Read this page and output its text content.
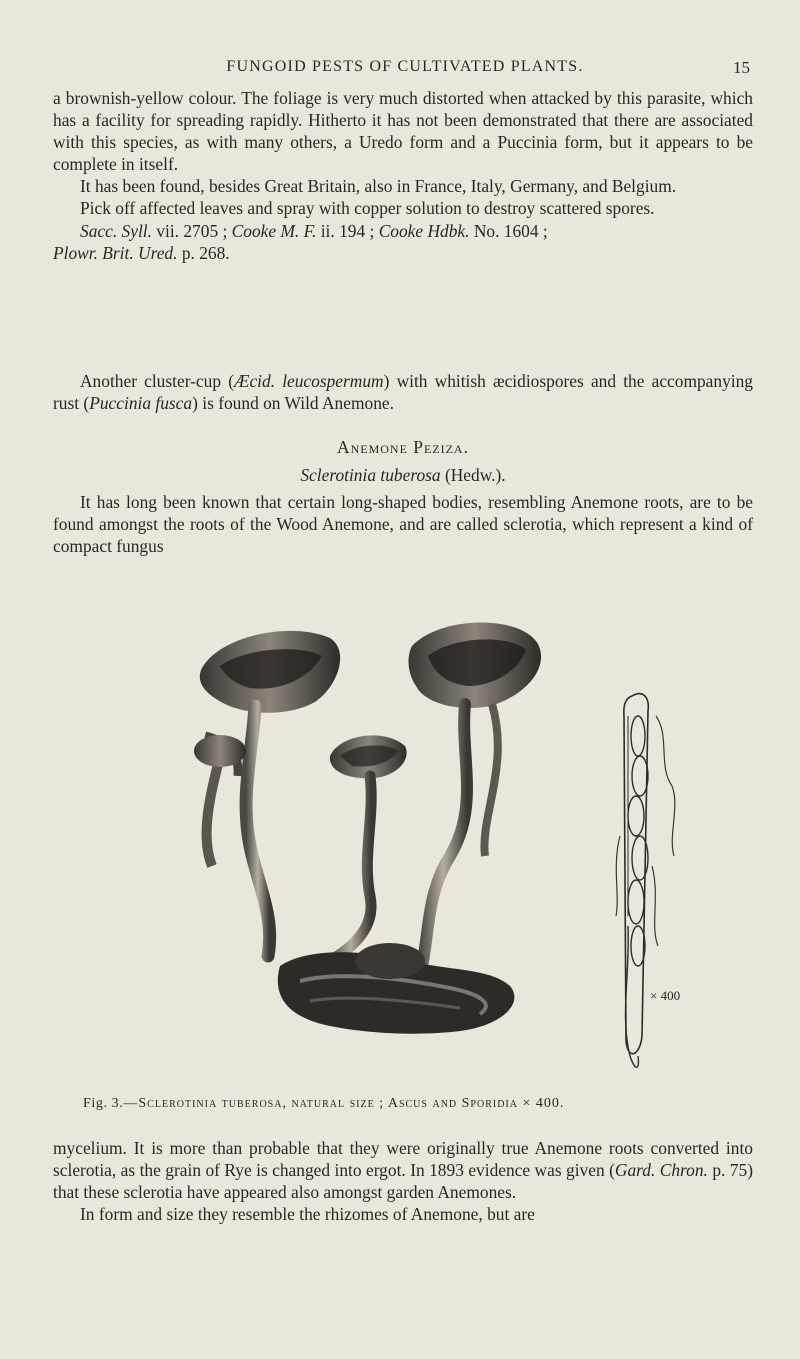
FUNGOID PESTS OF CULTIVATED PLANTS.	15

a brownish-yellow colour. The foliage is very much distorted when attacked by this parasite, which has a facility for spreading rapidly. Hitherto it has not been demonstrated that there are associated with this species, as with many others, a Uredo form and a Puccinia form, but it appears to be complete in itself.

It has been found, besides Great Britain, also in France, Italy, Germany, and Belgium.

Pick off affected leaves and spray with copper solution to destroy scattered spores.

Sacc. Syll. vii. 2705 ; Cooke M. F. ii. 194 ; Cooke Hdbk. No. 1604 ;
Plowr. Brit. Ured. p. 268.

Another cluster-cup (Æcid. leucospermum) with whitish æcidiospores and the accompanying rust (Puccinia fusca) is found on Wild Anemone.

Anemone Peziza.

Sclerotinia tuberosa (Hedw.).

It has long been known that certain long-shaped bodies, resembling Anemone roots, are to be found amongst the roots of the Wood Anemone, and are called sclerotia, which represent a kind of compact fungus

× 400
Fig. 3.—Sclerotinia tuberosa, natural size ; Ascus and Sporidia × 400.

mycelium. It is more than probable that they were originally true Anemone roots converted into sclerotia, as the grain of Rye is changed into ergot. In 1893 evidence was given (Gard. Chron. p. 75) that these sclerotia have appeared also amongst garden Anemones.

In form and size they resemble the rhizomes of Anemone, but are
